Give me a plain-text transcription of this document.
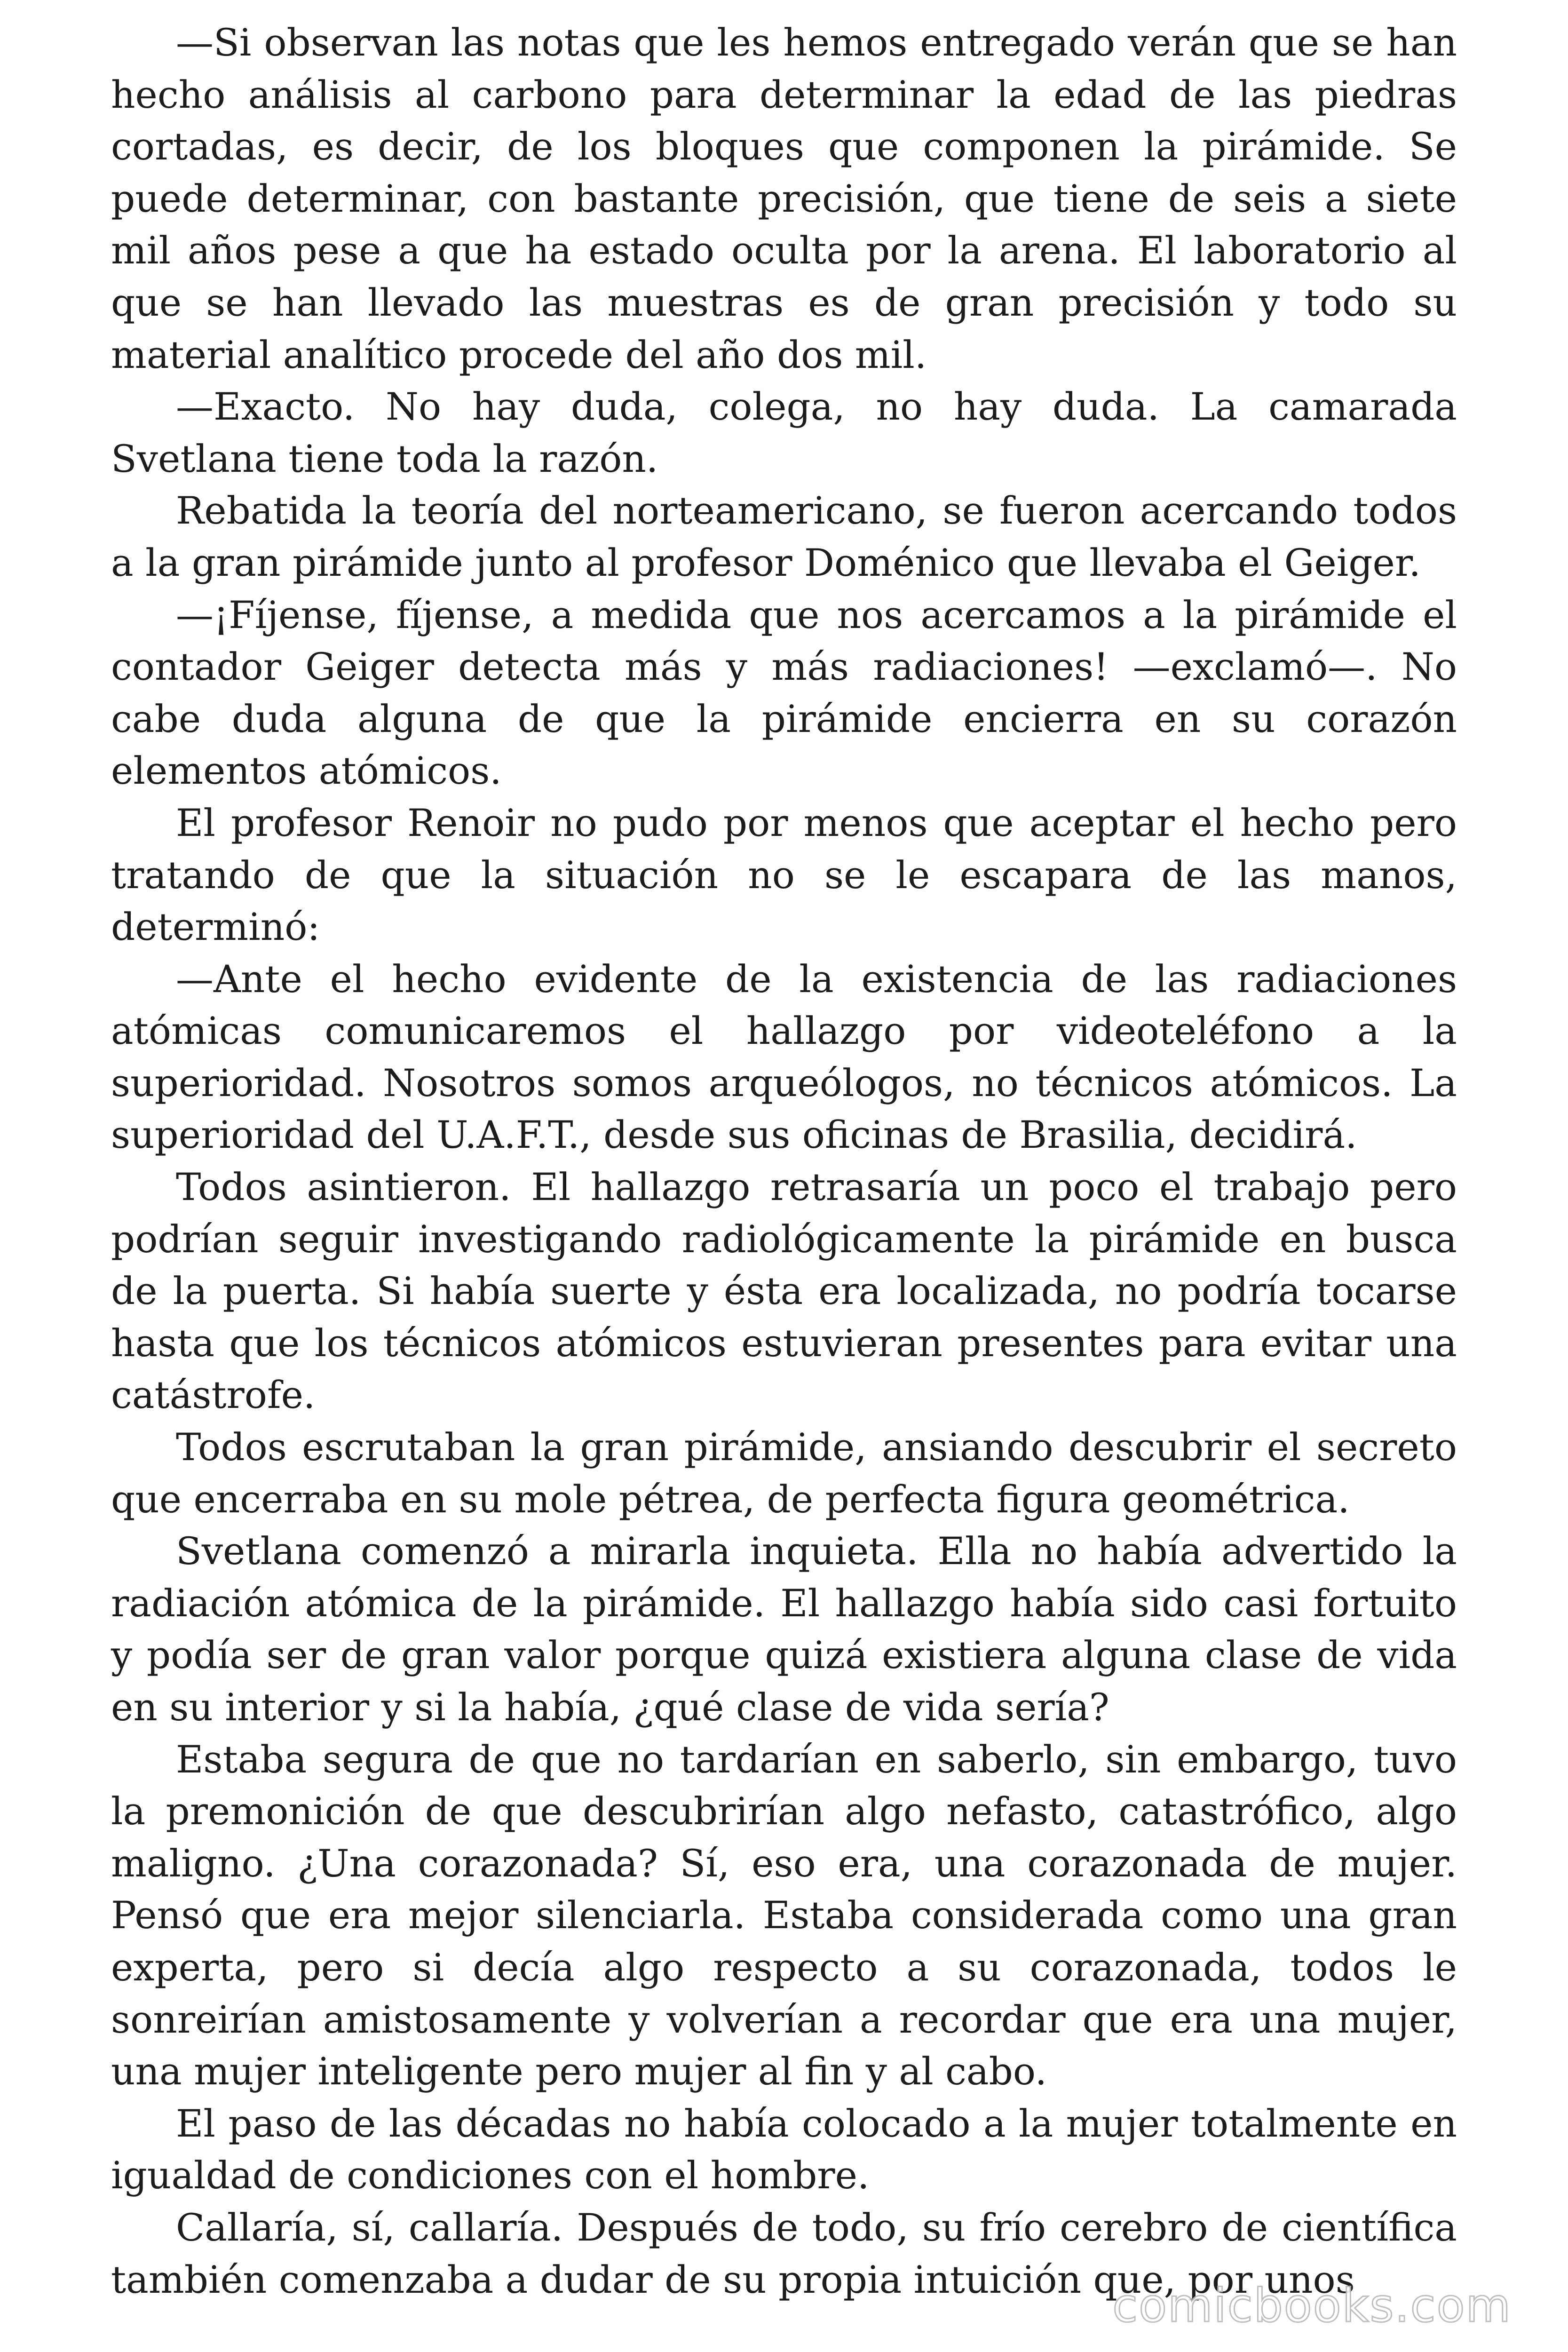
—Si observan las notas que les hemos entregado verán que se han hecho análisis al carbono para determinar la edad de las piedras cortadas, es decir, de los bloques que componen la pirámide. Se puede determinar, con bastante precisión, que tiene de seis a siete mil años pese a que ha estado oculta por la arena. El laboratorio al que se han llevado las muestras es de gran precisión y todo su material analítico procede del año dos mil.

—Exacto. No hay duda, colega, no hay duda. La camarada Svetlana tiene toda la razón.

Rebatida la teoría del norteamericano, se fueron acercando todos a la gran pirámide junto al profesor Doménico que llevaba el Geiger.

—¡Fíjense, fíjense, a medida que nos acercamos a la pirámide el contador Geiger detecta más y más radiaciones! —exclamó—. No cabe duda alguna de que la pirámide encierra en su corazón elementos atómicos.

El profesor Renoir no pudo por menos que aceptar el hecho pero tratando de que la situación no se le escapara de las manos, determinó:

—Ante el hecho evidente de la existencia de las radiaciones atómicas comunicaremos el hallazgo por videoteléfono a la superioridad. Nosotros somos arqueólogos, no técnicos atómicos. La superioridad del U.A.F.T., desde sus oficinas de Brasilia, decidirá.

Todos asintieron. El hallazgo retrasaría un poco el trabajo pero podrían seguir investigando radiológicamente la pirámide en busca de la puerta. Si había suerte y ésta era localizada, no podría tocarse hasta que los técnicos atómicos estuvieran presentes para evitar una catástrofe.

Todos escrutaban la gran pirámide, ansiando descubrir el secreto que encerraba en su mole pétrea, de perfecta figura geométrica.

Svetlana comenzó a mirarla inquieta. Ella no había advertido la radiación atómica de la pirámide. El hallazgo había sido casi fortuito y podía ser de gran valor porque quizá existiera alguna clase de vida en su interior y si la había, ¿qué clase de vida sería?

Estaba segura de que no tardarían en saberlo, sin embargo, tuvo la premonición de que descubrirían algo nefasto, catastrófico, algo maligno. ¿Una corazonada? Sí, eso era, una corazonada de mujer. Pensó que era mejor silenciarla. Estaba considerada como una gran experta, pero si decía algo respecto a su corazonada, todos le sonreirían amistosamente y volverían a recordar que era una mujer, una mujer inteligente pero mujer al fin y al cabo.

El paso de las décadas no había colocado a la mujer totalmente en igualdad de condiciones con el hombre.

Callaría, sí, callaría. Después de todo, su frío cerebro de científica también comenzaba a dudar de su propia intuición que, por unos

comicbooks.com
